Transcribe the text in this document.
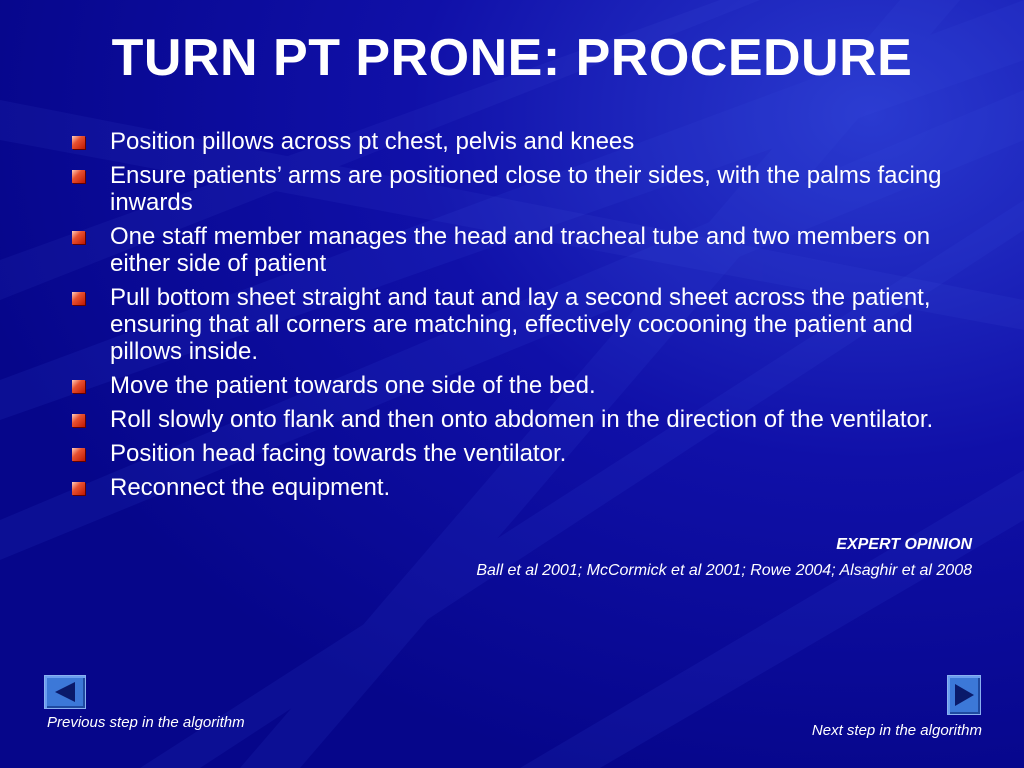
TURN PT PRONE: PROCEDURE
Position pillows across pt chest, pelvis and knees
Ensure patients’ arms are positioned close to their sides, with the palms facing inwards
One staff member manages the head and tracheal tube and two members on either side of patient
Pull bottom sheet straight and taut and lay a second sheet across the patient, ensuring that all corners are matching, effectively cocooning the patient and pillows inside.
Move the patient towards one side of the bed.
Roll slowly onto flank and then onto abdomen in the direction of the ventilator.
Position head facing towards the ventilator.
Reconnect the equipment.
EXPERT OPINION
Ball et al 2001; McCormick et al 2001; Rowe 2004; Alsaghir et al 2008
Previous step in the algorithm	Next step in the algorithm
